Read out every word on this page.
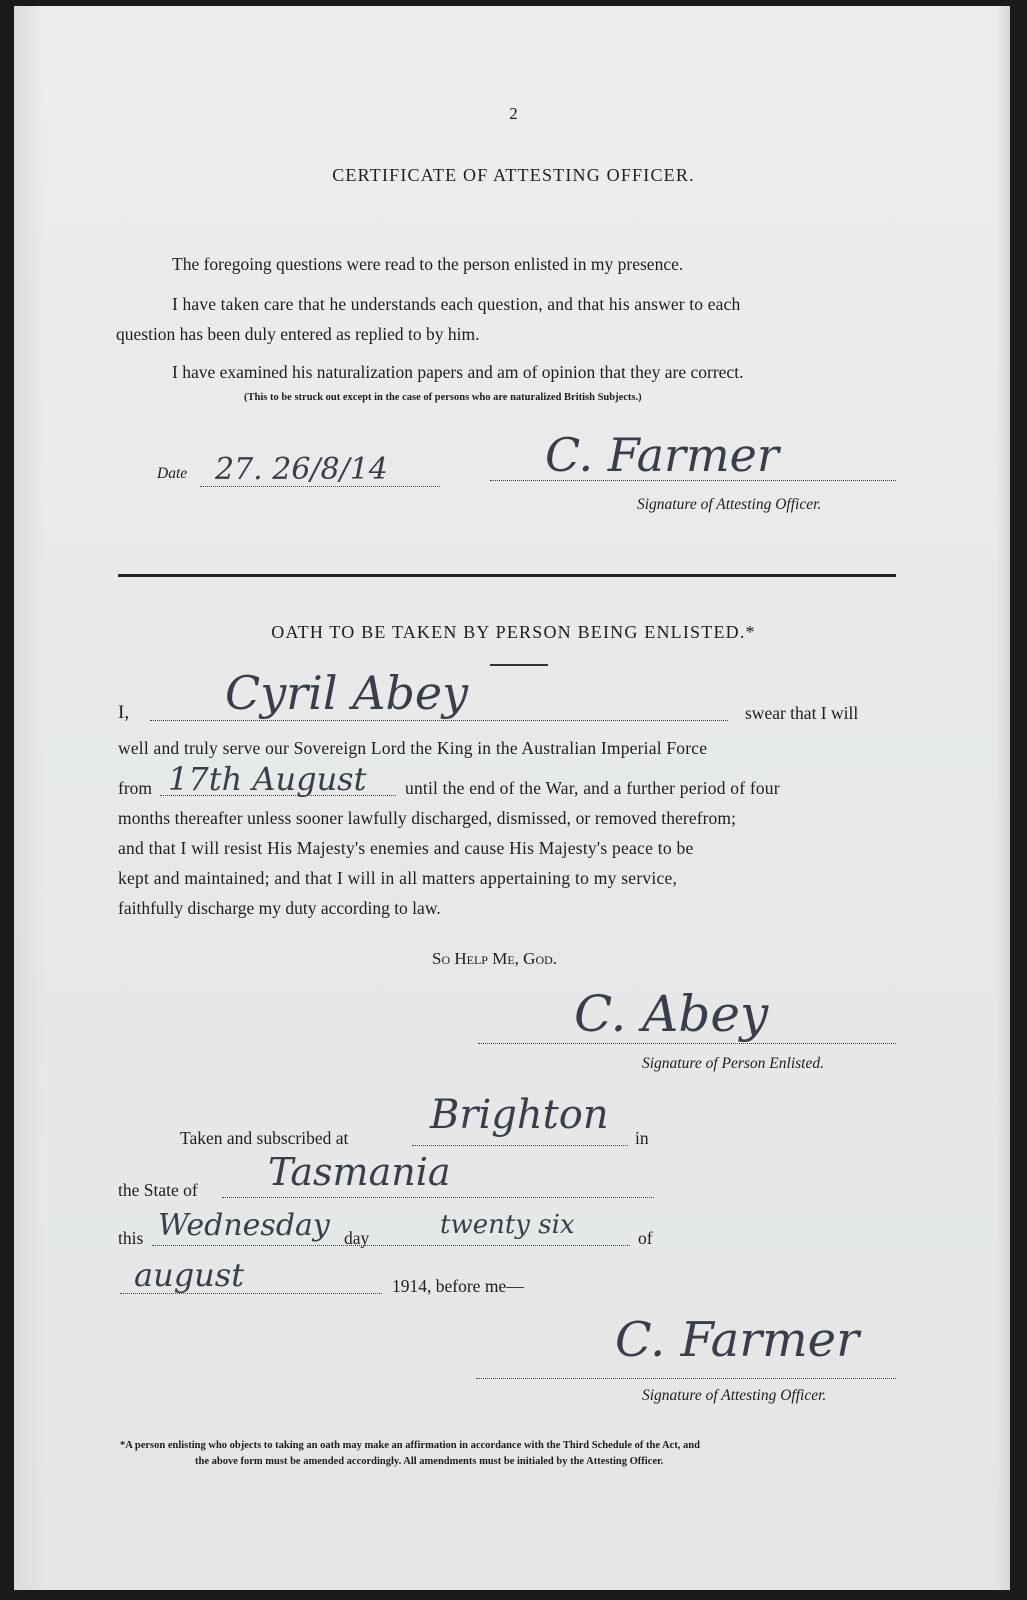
2
CERTIFICATE OF ATTESTING OFFICER.
The foregoing questions were read to the person enlisted in my presence.
I have taken care that he understands each question, and that his answer to each
question has been duly entered as replied to by him.
I have examined his naturalization papers and am of opinion that they are correct.
(This to be struck out except in the case of persons who are naturalized British Subjects.)
Date 27. 26/8/14	C. Farmer
Signature of Attesting Officer.
OATH TO BE TAKEN BY PERSON BEING ENLISTED.*
I, Cyril Abey	swear that I will
well and truly serve our Sovereign Lord the King in the Australian Imperial Force
from 17th August until the end of the War, and a further period of four
months thereafter unless sooner lawfully discharged, dismissed, or removed therefrom;
and that I will resist His Majesty's enemies and cause His Majesty's peace to be
kept and maintained; and that I will in all matters appertaining to my service,
faithfully discharge my duty according to law.
So Help Me, God.
C. Abey
Signature of Person Enlisted.
Taken and subscribed at Brighton in
the State of Tasmania
this Wednesday day	twenty six	of
august	1914, before me—
C. Farmer
Signature of Attesting Officer.
*A person enlisting who objects to taking an oath may make an affirmation in accordance with the Third Schedule of the Act, and
the above form must be amended accordingly. All amendments must be initialed by the Attesting Officer.
